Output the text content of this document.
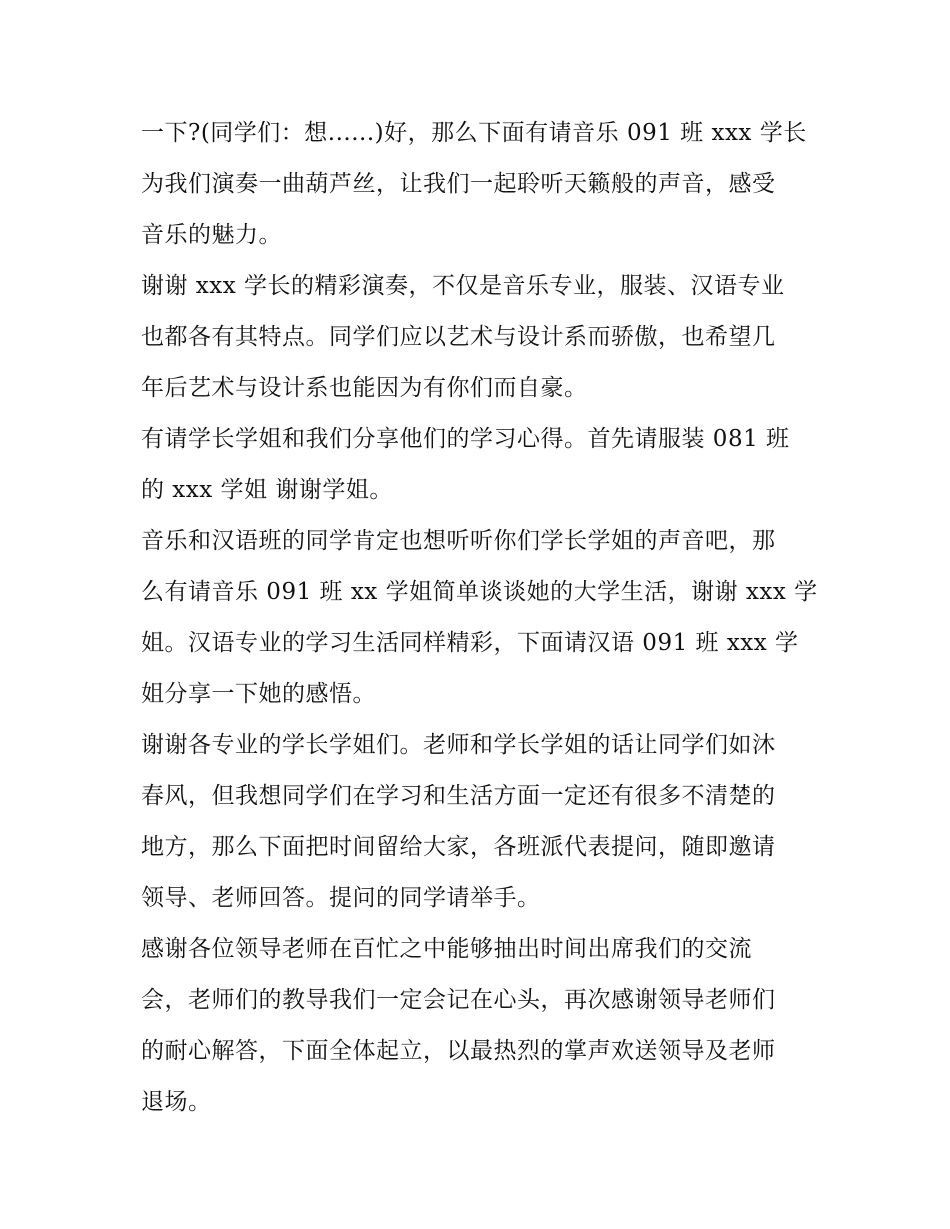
一下?(同学们：想......)好，那么下面有请音乐 091 班 xxx 学长
为我们演奏一曲葫芦丝，让我们一起聆听天籁般的声音，感受
音乐的魅力。
谢谢 xxx 学长的精彩演奏，不仅是音乐专业，服装、汉语专业
也都各有其特点。同学们应以艺术与设计系而骄傲，也希望几
年后艺术与设计系也能因为有你们而自豪。
有请学长学姐和我们分享他们的学习心得。首先请服装 081 班
的 xxx 学姐 谢谢学姐。
音乐和汉语班的同学肯定也想听听你们学长学姐的声音吧，那
么有请音乐 091 班 xx 学姐简单谈谈她的大学生活，谢谢 xxx 学
姐。汉语专业的学习生活同样精彩，下面请汉语 091 班 xxx 学
姐分享一下她的感悟。
谢谢各专业的学长学姐们。老师和学长学姐的话让同学们如沐
春风，但我想同学们在学习和生活方面一定还有很多不清楚的
地方，那么下面把时间留给大家，各班派代表提问，随即邀请
领导、老师回答。提问的同学请举手。
感谢各位领导老师在百忙之中能够抽出时间出席我们的交流
会，老师们的教导我们一定会记在心头，再次感谢领导老师们
的耐心解答，下面全体起立，以最热烈的掌声欢送领导及老师
退场。
